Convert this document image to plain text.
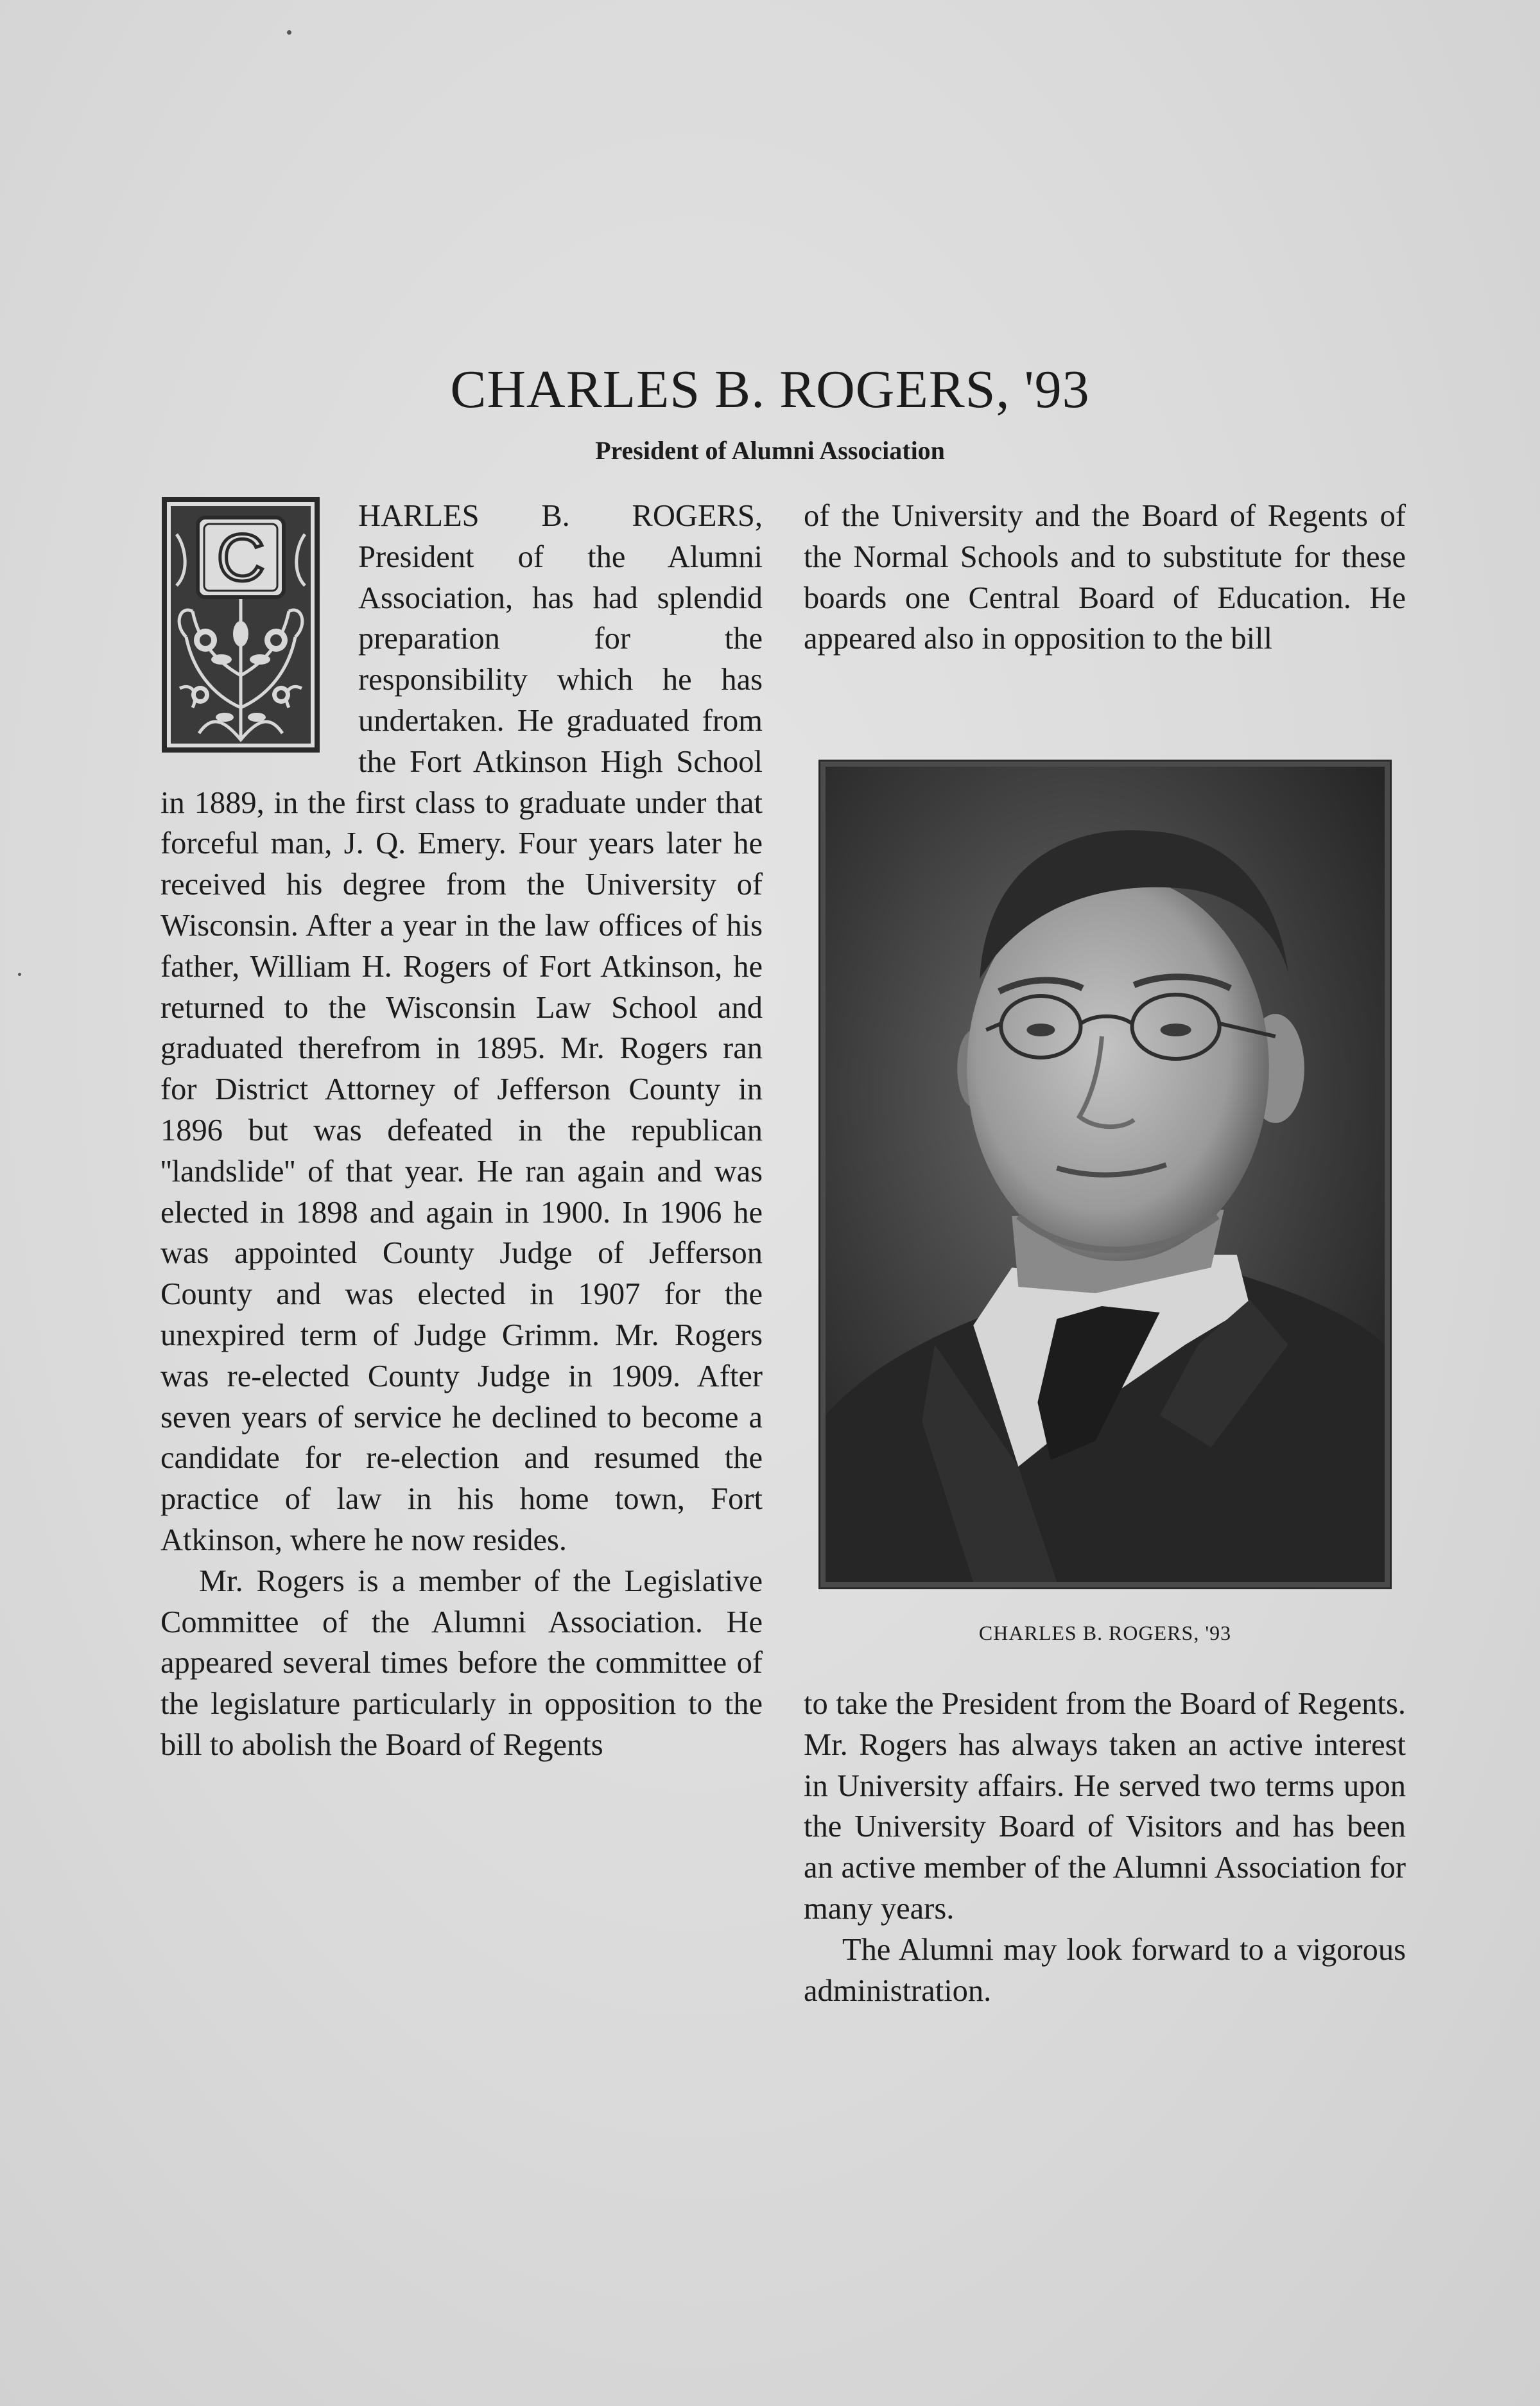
CHARLES B. ROGERS, '93
President of Alumni Association

C
HARLES B. ROGERS, President of the Alumni Association, has had splendid preparation for the responsibility which he has undertaken. He graduated from the Fort Atkinson High School in 1889, in the first class to graduate under that forceful man, J. Q. Emery. Four years later he received his degree from the University of Wisconsin. After a year in the law offices of his father, William H. Rogers of Fort Atkinson, he returned to the Wisconsin Law School and graduated therefrom in 1895. Mr. Rogers ran for District Attorney of Jefferson County in 1896 but was defeated in the republican ''landslide'' of that year. He ran again and was elected in 1898 and again in 1900. In 1906 he was appointed County Judge of Jefferson County and was elected in 1907 for the unexpired term of Judge Grimm. Mr. Rogers was re-elected County Judge in 1909. After seven years of service he declined to become a candidate for re-election and resumed the practice of law in his home town, Fort Atkinson, where he now resides.

Mr. Rogers is a member of the Legislative Committee of the Alumni Association. He appeared several times before the committee of the legislature particularly in opposition to the bill to abolish the Board of Regents

of the University and the Board of Regents of the Normal Schools and to substitute for these boards one Central Board of Education. He appeared also in opposition to the bill

CHARLES B. ROGERS, '93

to take the President from the Board of Regents. Mr. Rogers has always taken an active interest in University affairs. He served two terms upon the University Board of Visitors and has been an active member of the Alumni Association for many years.

The Alumni may look forward to a vigorous administration.
